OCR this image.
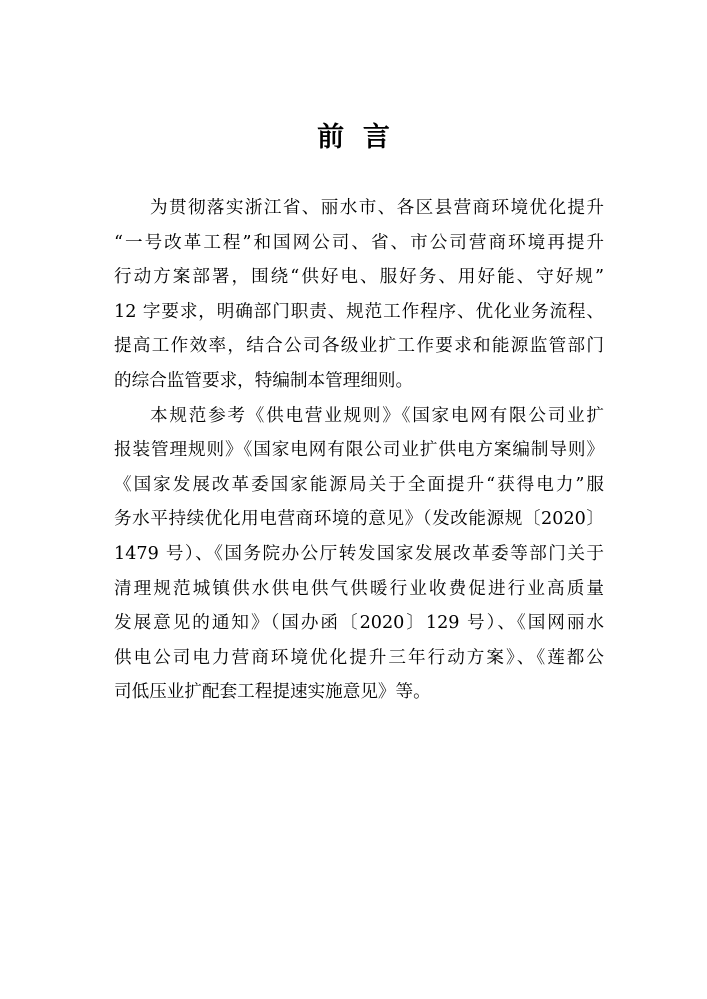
前  言
为贯彻落实浙江省、丽水市、各区县营商环境优化提升
“一号改革工程”和国网公司、省、市公司营商环境再提升
行动方案部署，围绕“供好电、服好务、用好能、守好规”
12 字要求，明确部门职责、规范工作程序、优化业务流程、
提高工作效率，结合公司各级业扩工作要求和能源监管部门
的综合监管要求，特编制本管理细则。
本规范参考《供电营业规则》《国家电网有限公司业扩
报装管理规则》《国家电网有限公司业扩供电方案编制导则》
《国家发展改革委国家能源局关于全面提升“获得电力”服
务水平持续优化用电营商环境的意见》（发改能源规〔2020〕
1479 号）、《国务院办公厅转发国家发展改革委等部门关于
清理规范城镇供水供电供气供暖行业收费促进行业高质量
发展意见的通知》（国办函〔2020〕129 号）、《国网丽水
供电公司电力营商环境优化提升三年行动方案》、《莲都公
司低压业扩配套工程提速实施意见》等。
